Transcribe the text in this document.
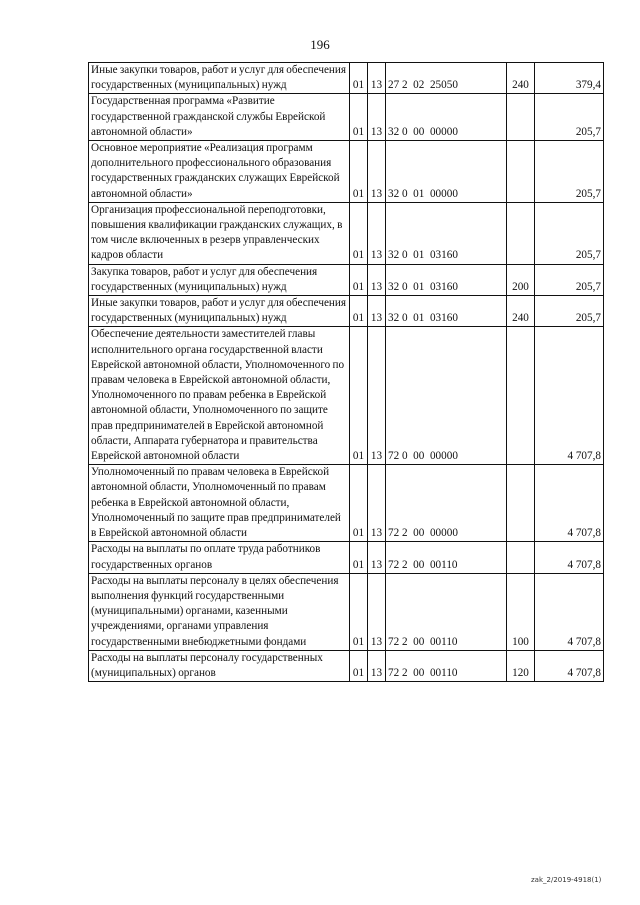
196
Иные закупки товаров, работ и услуг для обеспечения государственных (муниципальных) нужд	01	13	27 2  02  25050	240	379,4
Государственная программа «Развитие государственной гражданской службы Еврейской автономной области»	01	13	32 0  00  00000		205,7
Основное мероприятие «Реализация программ дополнительного профессионального образования государственных гражданских служащих Еврейской автономной области»	01	13	32 0  01  00000		205,7
Организация профессиональной переподготовки, повышения квалификации гражданских служащих, в том числе включенных в резерв управленческих кадров области	01	13	32 0  01  03160		205,7
Закупка товаров, работ и услуг для обеспечения государственных (муниципальных) нужд	01	13	32 0  01  03160	200	205,7
Иные закупки товаров, работ и услуг для обеспечения государственных (муниципальных) нужд	01	13	32 0  01  03160	240	205,7
Обеспечение деятельности заместителей главы исполнительного органа государственной власти Еврейской автономной области, Уполномоченного по правам человека в Еврейской автономной области, Уполномоченного по правам ребенка в Еврейской автономной области, Уполномоченного по защите прав предпринимателей в Еврейской автономной области, Аппарата губернатора и правительства Еврейской автономной области	01	13	72 0  00  00000		4 707,8
Уполномоченный по правам человека в Еврейской автономной области, Уполномоченный по правам ребенка в Еврейской автономной области, Уполномоченный по защите прав предпринимателей в Еврейской автономной области	01	13	72 2  00  00000		4 707,8
Расходы на выплаты по оплате труда работников государственных органов	01	13	72 2  00  00110		4 707,8
Расходы на выплаты персоналу в целях обеспечения выполнения функций государственными (муниципальными) органами, казенными учреждениями, органами управления государственными внебюджетными фондами	01	13	72 2  00  00110	100	4 707,8
Расходы на выплаты персоналу государственных (муниципальных) органов	01	13	72 2  00  00110	120	4 707,8
zak_2/2019-4918(1)
